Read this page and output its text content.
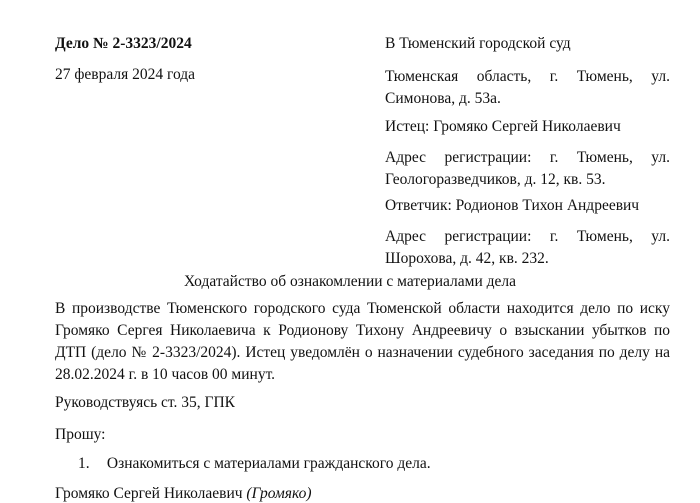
Дело № 2-3323/2024
27 февраля 2024 года
В Тюменский городской суд
Тюменская область, г. Тюмень, ул.
Симонова, д. 53а.
Истец: Громяко Сергей Николаевич
Адрес регистрации: г. Тюмень, ул.
Геологоразведчиков, д. 12, кв. 53.
Ответчик: Родионов Тихон Андреевич
Адрес регистрации: г. Тюмень, ул.
Шорохова, д. 42, кв. 232.
Ходатайство об ознакомлении с материалами дела
В производстве Тюменского городского суда Тюменской области находится дело по иску
Громяко Сергея Николаевича к Родионову Тихону Андреевичу о взыскании убытков по
ДТП (дело № 2-3323/2024). Истец уведомлён о назначении судебного заседания по делу на
28.02.2024 г. в 10 часов 00 минут.
Руководствуясь ст. 35, ГПК
Прошу:
1. Ознакомиться с материалами гражданского дела.
Громяко Сергей Николаевич (Громяко)
